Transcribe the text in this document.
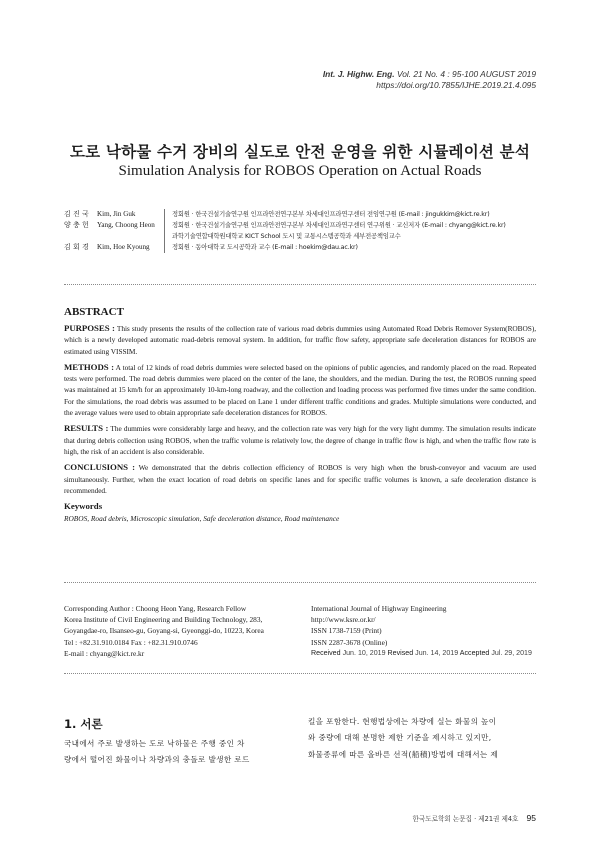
Int. J. Highw. Eng. Vol. 21 No. 4 : 95-100 AUGUST 2019
https://doi.org/10.7855/IJHE.2019.21.4.095
도로 낙하물 수거 장비의 실도로 안전 운영을 위한 시뮬레이션 분석
Simulation Analysis for ROBOS Operation on Actual Roads
김 진 국	Kim, Jin Guk	정회원 · 한국건설기술연구원 인프라안전연구본부 차세대인프라연구센터 전임연구원 (E-mail : jingukkim@kict.re.kr)
양 충 헌	Yang, Choong Heon	정회원 · 한국건설기술연구원 인프라안전연구본부 차세대인프라연구센터 연구위원 · 교신저자 (E-mail : chyang@kict.re.kr)
과학기술연합대학원대학교 KICT School 도시 및 교통시스템공학과 세부전공책임교수
김 회 경	Kim, Hoe Kyoung	정회원 · 동아대학교 도시공학과 교수 (E-mail : hoekim@dau.ac.kr)
ABSTRACT

PURPOSES : This study presents the results of the collection rate of various road debris dummies using Automated Road Debris Remover System(ROBOS), which is a newly developed automatic road-debris removal system. In addition, for traffic flow safety, appropriate safe deceleration distances for ROBOS are estimated using VISSIM.

METHODS : A total of 12 kinds of road debris dummies were selected based on the opinions of public agencies, and randomly placed on the road. Repeated tests were performed. The road debris dummies were placed on the center of the lane, the shoulders, and the median. During the test, the ROBOS running speed was maintained at 15 km/h for an approximately 10-km-long roadway, and the collection and loading process was performed five times under the same condition. For the simulations, the road debris was assumed to be placed on Lane 1 under different traffic conditions and grades. Multiple simulations were conducted, and the average values were used to obtain appropriate safe deceleration distances for ROBOS.

RESULTS : The dummies were considerably large and heavy, and the collection rate was very high for the very light dummy. The simulation results indicate that during debris collection using ROBOS, when the traffic volume is relatively low, the degree of change in traffic flow is high, and when the traffic flow rate is high, the risk of an accident is also considerable.

CONCLUSIONS : We demonstrated that the debris collection efficiency of ROBOS is very high when the brush-conveyor and vacuum are used simultaneously. Further, when the exact location of road debris on specific lanes and for specific traffic volumes is known, a safe deceleration distance is recommended.

Keywords
ROBOS, Road debris, Microscopic simulation, Safe deceleration distance, Road maintenance
Corresponding Author : Choong Heon Yang, Research Fellow
Korea Institute of Civil Engineering and Building Technology, 283,
Goyangdae-ro, Ilsanseo-gu, Goyang-si, Gyeonggi-do, 10223, Korea
Tel : +82.31.910.0184 Fax : +82.31.910.0746
E-mail : chyang@kict.re.kr
International Journal of Highway Engineering
http://www.ksre.or.kr/
ISSN 1738-7159 (Print)
ISSN 2287-3678 (Online)
Received Jun. 10, 2019 Revised Jun. 14, 2019 Accepted Jul. 29, 2019
1. 서론
국내에서 주로 발생하는 도로 낙하물은 주행 중인 차
량에서 떨어진 화물이나 차량과의 충돌로 발생한 로드
킬을 포함한다. 현행법상에는 차량에 실는 화물의 높이
와 중량에 대해 분명한 제한 기준을 제시하고 있지만,
화물종류에 따른 올바른 선적(船積)방법에 대해서는 제
한국도로학회 논문집 · 제21권 제4호 95
